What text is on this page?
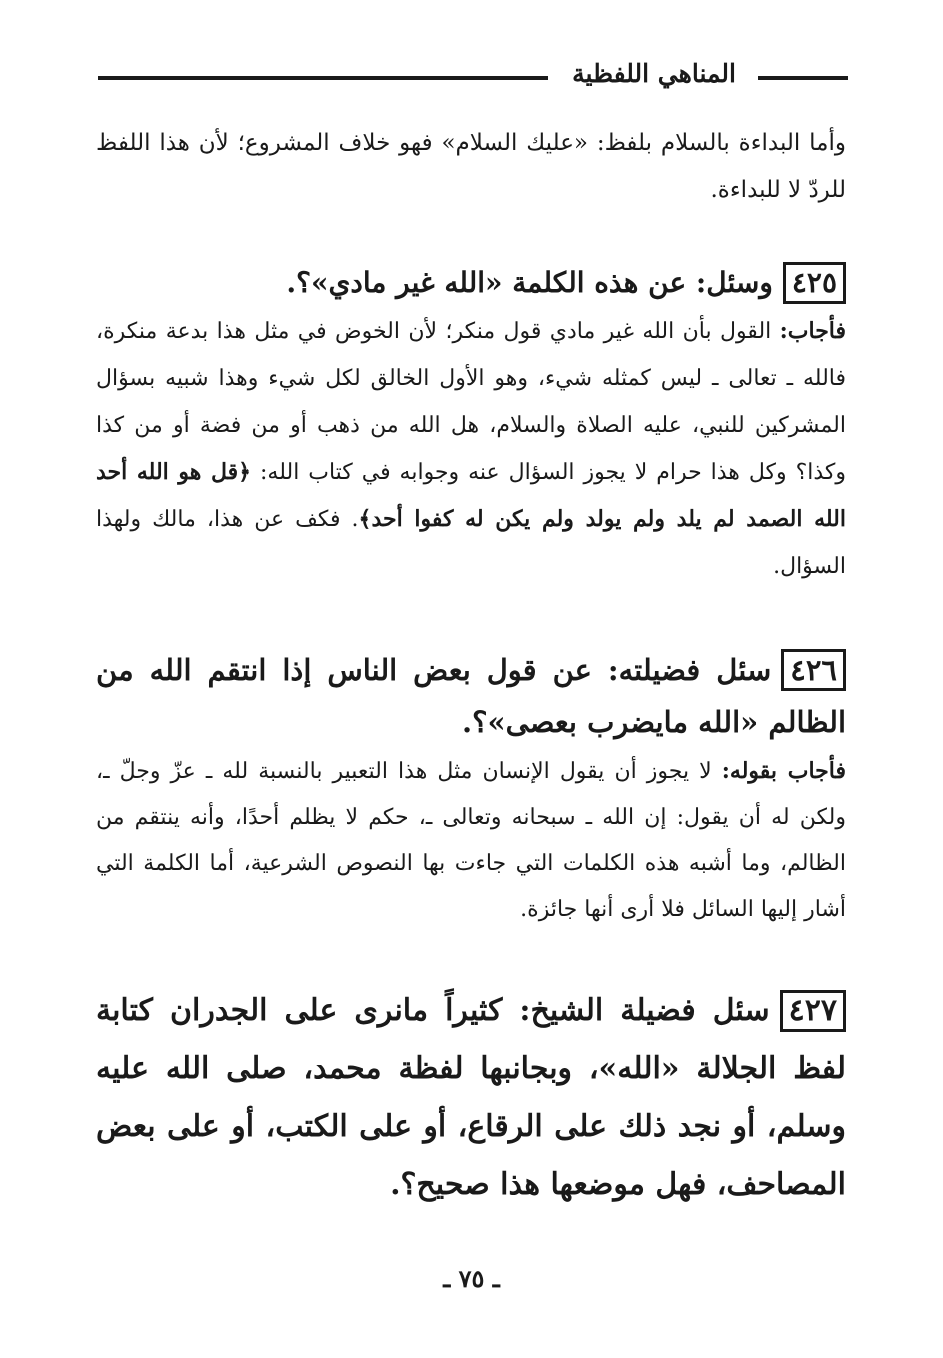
المناهي اللفظية

وأما البداءة بالسلام بلفظ: «عليك السلام» فهو خلاف المشروع؛ لأن هذا اللفظ للردّ لا للبداءة.

٤٢٥وسئل: عن هذه الكلمة «الله غير مادي»؟.
فأجاب: القول بأن الله غير مادي قول منكر؛ لأن الخوض في مثل هذا بدعة منكرة، فالله ـ تعالى ـ ليس كمثله شيء، وهو الأول الخالق لكل شيء وهذا شبيه بسؤال المشركين للنبي، عليه الصلاة والسلام، هل الله من ذهب أو من فضة أو من كذا وكذا؟ وكل هذا حرام لا يجوز السؤال عنه وجوابه في كتاب الله: ﴿قل هو الله أحد الله الصمد لم يلد ولم يولد ولم يكن له كفوا أحد﴾. فكف عن هذا، مالك ولهذا السؤال.
٤٢٦سئل فضيلته: عن قول بعض الناس إذا انتقم الله من الظالم «الله مايضرب بعصى»؟.
فأجاب بقوله: لا يجوز أن يقول الإنسان مثل هذا التعبير بالنسبة لله ـ عزّ وجلّ ـ، ولكن له أن يقول: إن الله ـ سبحانه وتعالى ـ، حكم لا يظلم أحدًا، وأنه ينتقم من الظالم، وما أشبه هذه الكلمات التي جاءت بها النصوص الشرعية، أما الكلمة التي أشار إليها السائل فلا أرى أنها جائزة.
٤٢٧سئل فضيلة الشيخ: كثيراً مانرى على الجدران كتابة لفظ الجلالة «الله»، وبجانبها لفظة محمد، صلى الله عليه وسلم، أو نجد ذلك على الرقاع، أو على الكتب، أو على بعض المصاحف، فهل موضعها هذا صحيح؟.
ـ ٧٥ ـ
